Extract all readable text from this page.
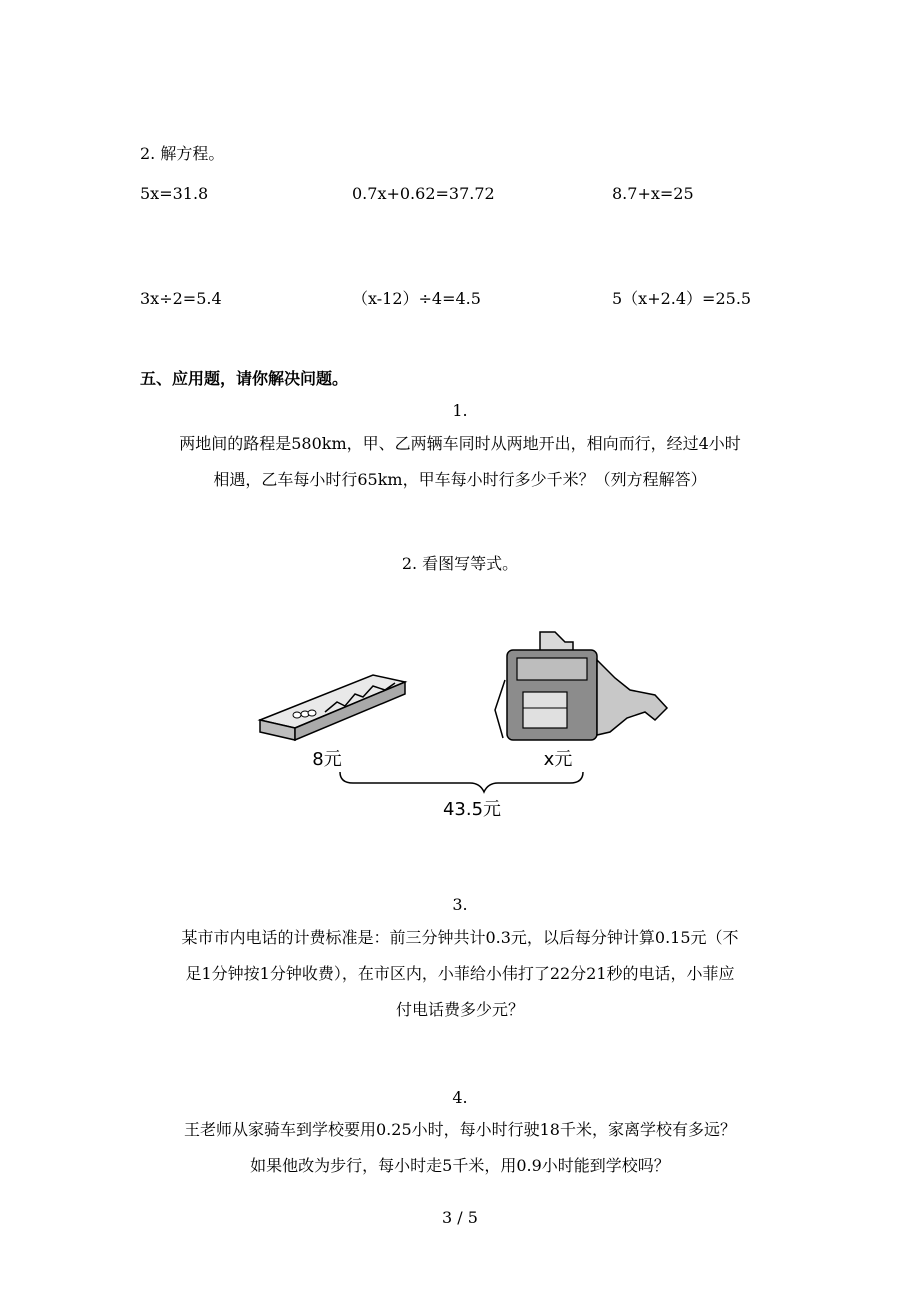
2. 解方程。
5x=31.8	0.7x+0.62=37.72	8.7+x=25
3x÷2=5.4	（x-12）÷4=4.5	5（x+2.4）=25.5
五、应用题，请你解决问题。
1.
两地间的路程是580km，甲、乙两辆车同时从两地开出，相向而行，经过4小时
相遇，乙车每小时行65km，甲车每小时行多少千米？（列方程解答）
2. 看图写等式。
8元	x元
43.5元
3.
某市市内电话的计费标准是：前三分钟共计0.3元，以后每分钟计算0.15元（不
足1分钟按1分钟收费），在市区内，小菲给小伟打了22分21秒的电话，小菲应
付电话费多少元？
4.
王老师从家骑车到学校要用0.25小时，每小时行驶18千米，家离学校有多远？
如果他改为步行，每小时走5千米，用0.9小时能到学校吗？
3 / 5
